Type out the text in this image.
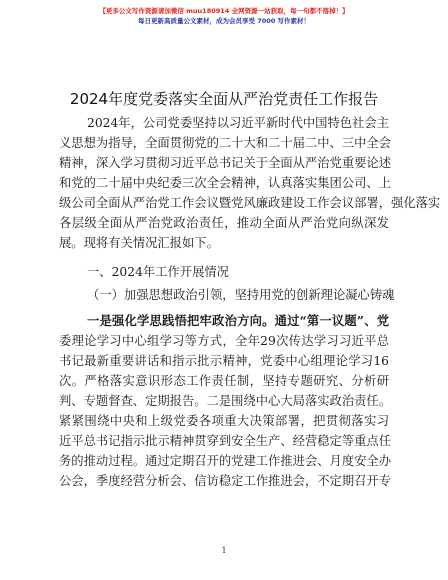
【更多公文写作资源请加微信 muu180914 全网资源一站获取，每一句都不落掉！】
每日更新高质量公文素材，成为会员享受 7000 写作素材！
2024年度党委落实全面从严治党责任工作报告
2024年，公司党委坚持以习近平新时代中国特色社会主
义思想为指导，全面贯彻党的二十大和二十届二中、三中全会
精神，深入学习贯彻习近平总书记关于全面从严治党重要论述
和党的二十届中央纪委三次全会精神，认真落实集团公司、上
级公司全面从严治党工作会议暨党风廉政建设工作会议部署，强化落实
各层级全面从严治党政治责任，推动全面从严治党向纵深发
展。现将有关情况汇报如下。
一、2024年工作开展情况
（一）加强思想政治引领，坚持用党的创新理论凝心铸魂
一是强化学思践悟把牢政治方向。通过“第一议题”、党
委理论学习中心组学习等方式，全年29次传达学习习近平总
书记最新重要讲话和指示批示精神，党委中心组理论学习16
次。严格落实意识形态工作责任制，坚持专题研究、分析研
判、专题督查、定期报告。二是围绕中心大局落实政治责任。
紧紧围绕中央和上级党委各项重大决策部署，把贯彻落实习
近平总书记指示批示精神贯穿到安全生产、经营稳定等重点任
务的推动过程。通过定期召开的党建工作推进会、月度安全办
公会，季度经营分析会、信访稳定工作推进会，不定期召开专
1
